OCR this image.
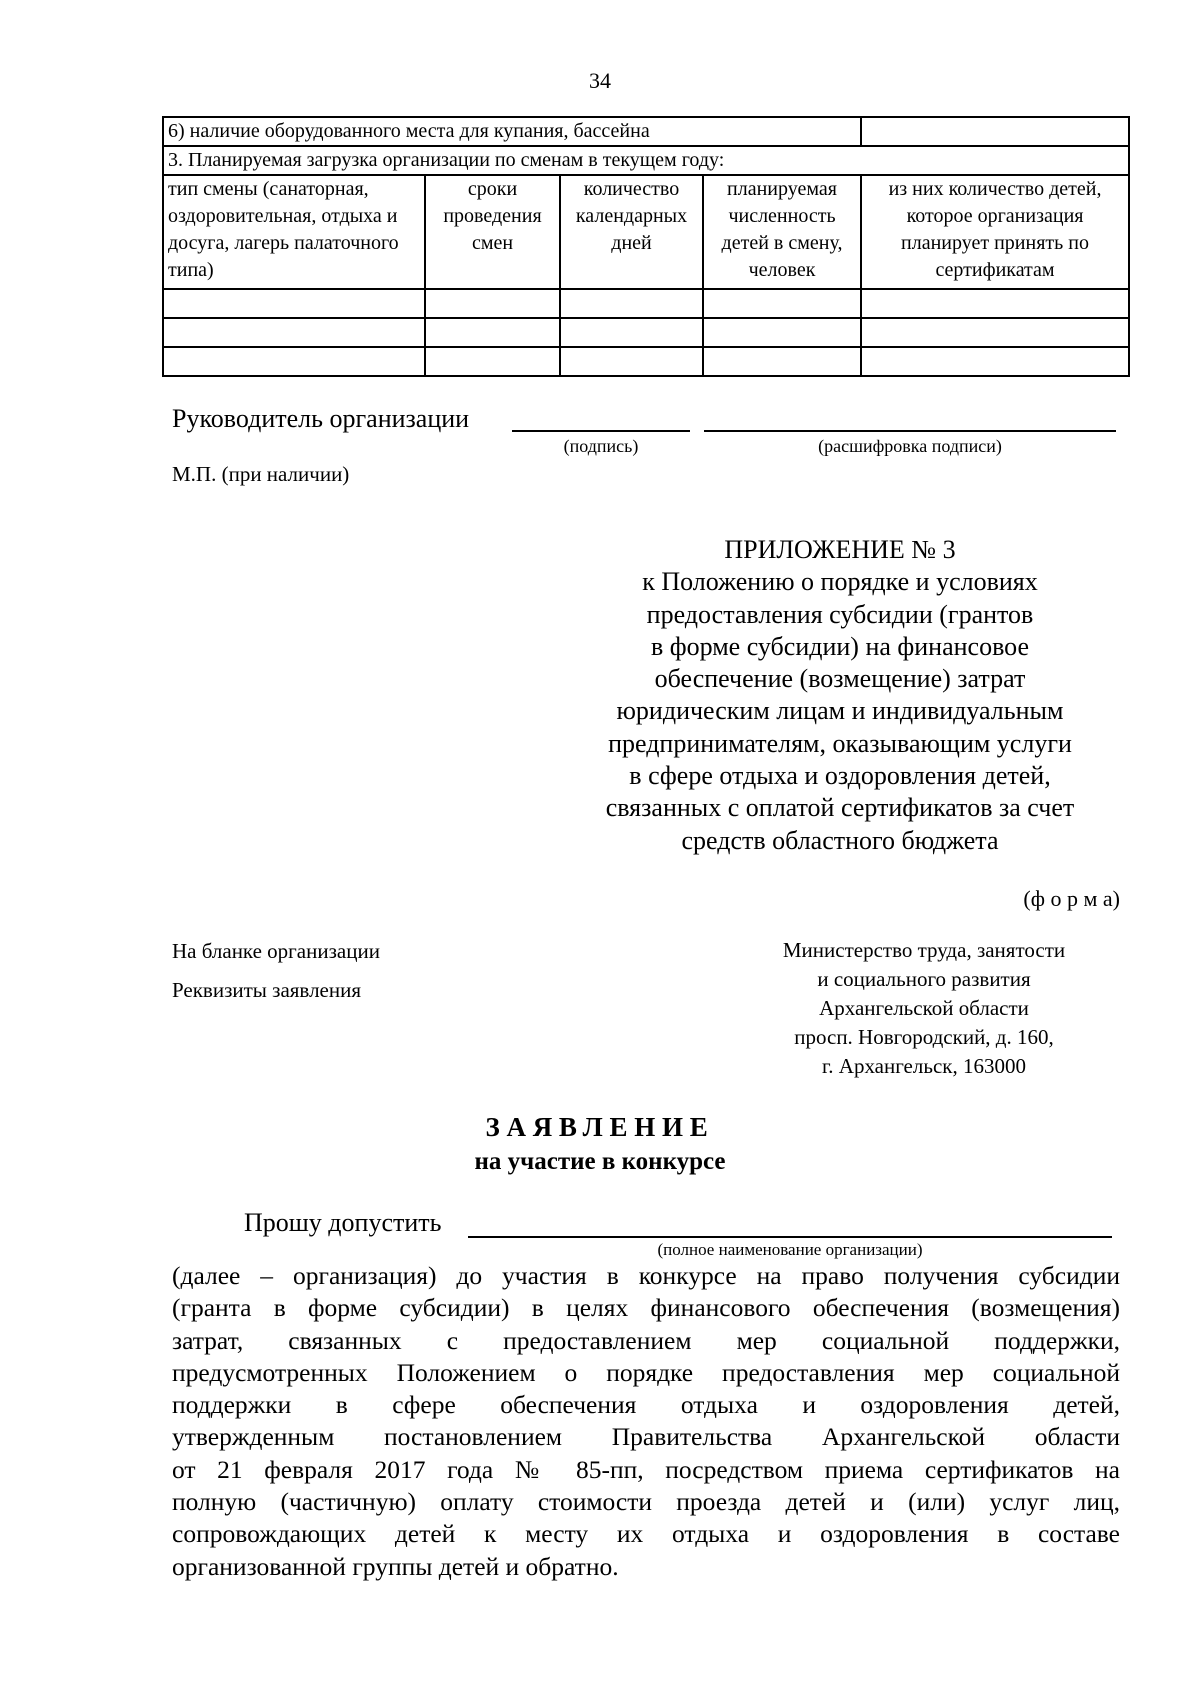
34
6) наличие оборудованного места для купания, бассейна				
3. Планируемая загрузка организации по сменам в текущем году:				
тип смены (санаторная, оздоровительная, отдыха и досуга, лагерь палаточного типа)	сроки проведения смен	количество календарных дней	планируемая численность детей в смену, человек	из них количество детей, которое организация планирует принять по сертификатам

Руководитель организации
(подпись)	(расшифровка подписи)
М.П. (при наличии)
ПРИЛОЖЕНИЕ № 3
к Положению о порядке и условиях
предоставления субсидии (грантов
в форме субсидии) на финансовое
обеспечение (возмещение) затрат
юридическим лицам и индивидуальным
предпринимателям, оказывающим услуги
в сфере отдыха и оздоровления детей,
связанных с оплатой сертификатов за счет
средств областного бюджета
(ф о р м а)
На бланке организации
Реквизиты заявления
Министерство труда, занятости
и социального развития
Архангельской области
просп. Новгородский, д. 160,
г. Архангельск, 163000
ЗАЯВЛЕНИЕ
на участие в конкурсе
Прошу допустить
(полное наименование организации)
(далее – организация) до участия в конкурсе на право получения субсидии
(гранта в форме субсидии) в целях финансового обеспечения (возмещения)
затрат, связанных с предоставлением мер социальной поддержки,
предусмотренных Положением о порядке предоставления мер социальной
поддержки в сфере обеспечения отдыха и оздоровления детей,
утвержденным постановлением Правительства Архангельской области
от 21 февраля 2017 года № 85-пп, посредством приема сертификатов на
полную (частичную) оплату стоимости проезда детей и (или) услуг лиц,
сопровождающих детей к месту их отдыха и оздоровления в составе
организованной группы детей и обратно.
